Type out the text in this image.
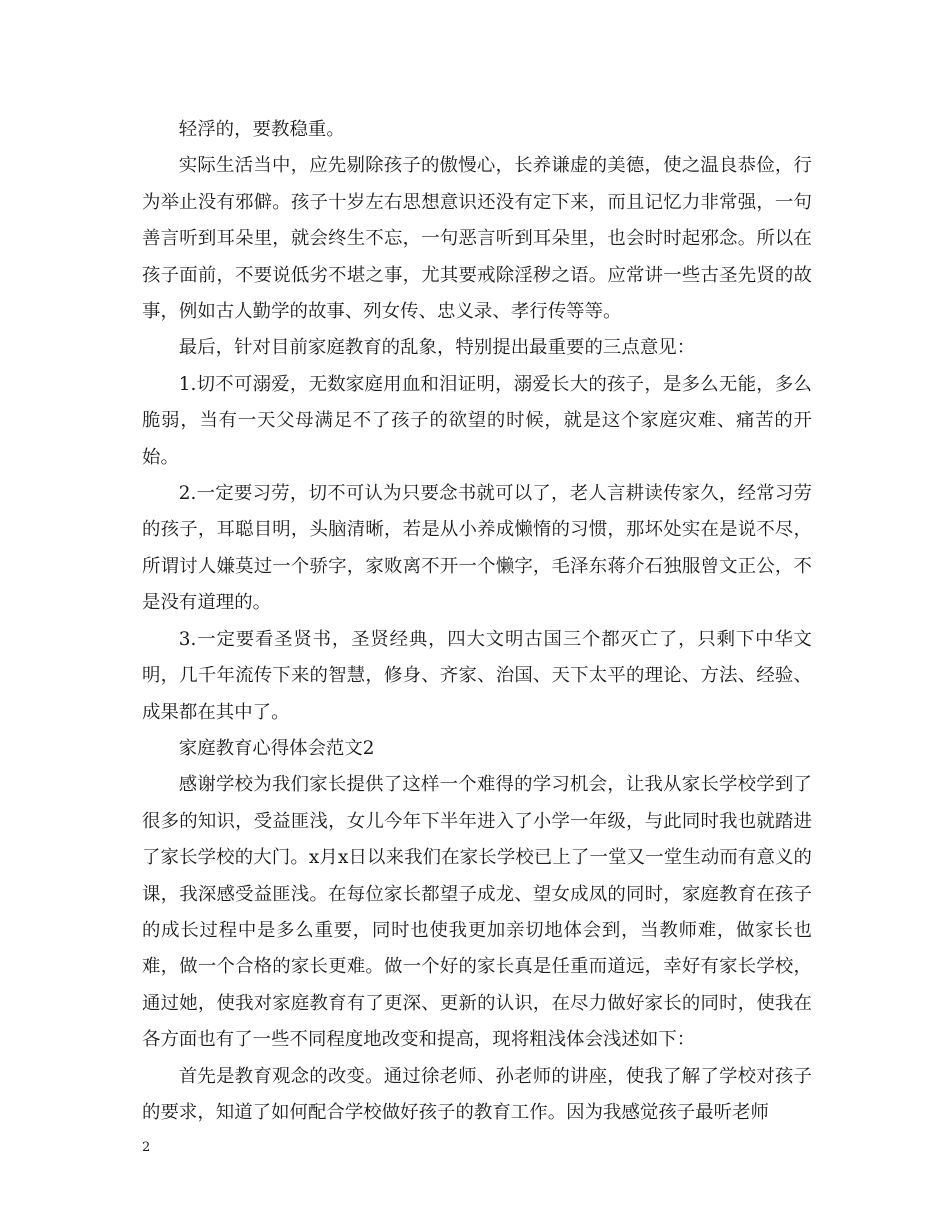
轻浮的，要教稳重。

实际生活当中，应先剔除孩子的傲慢心，长养谦虚的美德，使之温良恭俭，行为举止没有邪僻。孩子十岁左右思想意识还没有定下来，而且记忆力非常强，一句善言听到耳朵里，就会终生不忘，一句恶言听到耳朵里，也会时时起邪念。所以在孩子面前，不要说低劣不堪之事，尤其要戒除淫秽之语。应常讲一些古圣先贤的故事，例如古人勤学的故事、列女传、忠义录、孝行传等等。

最后，针对目前家庭教育的乱象，特别提出最重要的三点意见：

1.切不可溺爱，无数家庭用血和泪证明，溺爱长大的孩子，是多么无能，多么脆弱，当有一天父母满足不了孩子的欲望的时候，就是这个家庭灾难、痛苦的开始。

2.一定要习劳，切不可认为只要念书就可以了，老人言耕读传家久，经常习劳的孩子，耳聪目明，头脑清晰，若是从小养成懒惰的习惯，那坏处实在是说不尽，所谓讨人嫌莫过一个骄字，家败离不开一个懒字，毛泽东蒋介石独服曾文正公，不是没有道理的。

3.一定要看圣贤书，圣贤经典，四大文明古国三个都灭亡了，只剩下中华文明，几千年流传下来的智慧，修身、齐家、治国、天下太平的理论、方法、经验、成果都在其中了。

家庭教育心得体会范文2

感谢学校为我们家长提供了这样一个难得的学习机会，让我从家长学校学到了很多的知识，受益匪浅，女儿今年下半年进入了小学一年级，与此同时我也就踏进了家长学校的大门。x月x日以来我们在家长学校已上了一堂又一堂生动而有意义的课，我深感受益匪浅。在每位家长都望子成龙、望女成凤的同时，家庭教育在孩子的成长过程中是多么重要，同时也使我更加亲切地体会到，当教师难，做家长也难，做一个合格的家长更难。做一个好的家长真是任重而道远，幸好有家长学校，通过她，使我对家庭教育有了更深、更新的认识，在尽力做好家长的同时，使我在各方面也有了一些不同程度地改变和提高，现将粗浅体会浅述如下：

首先是教育观念的改变。通过徐老师、孙老师的讲座，使我了解了学校对孩子的要求，知道了如何配合学校做好孩子的教育工作。因为我感觉孩子最听老师

2
